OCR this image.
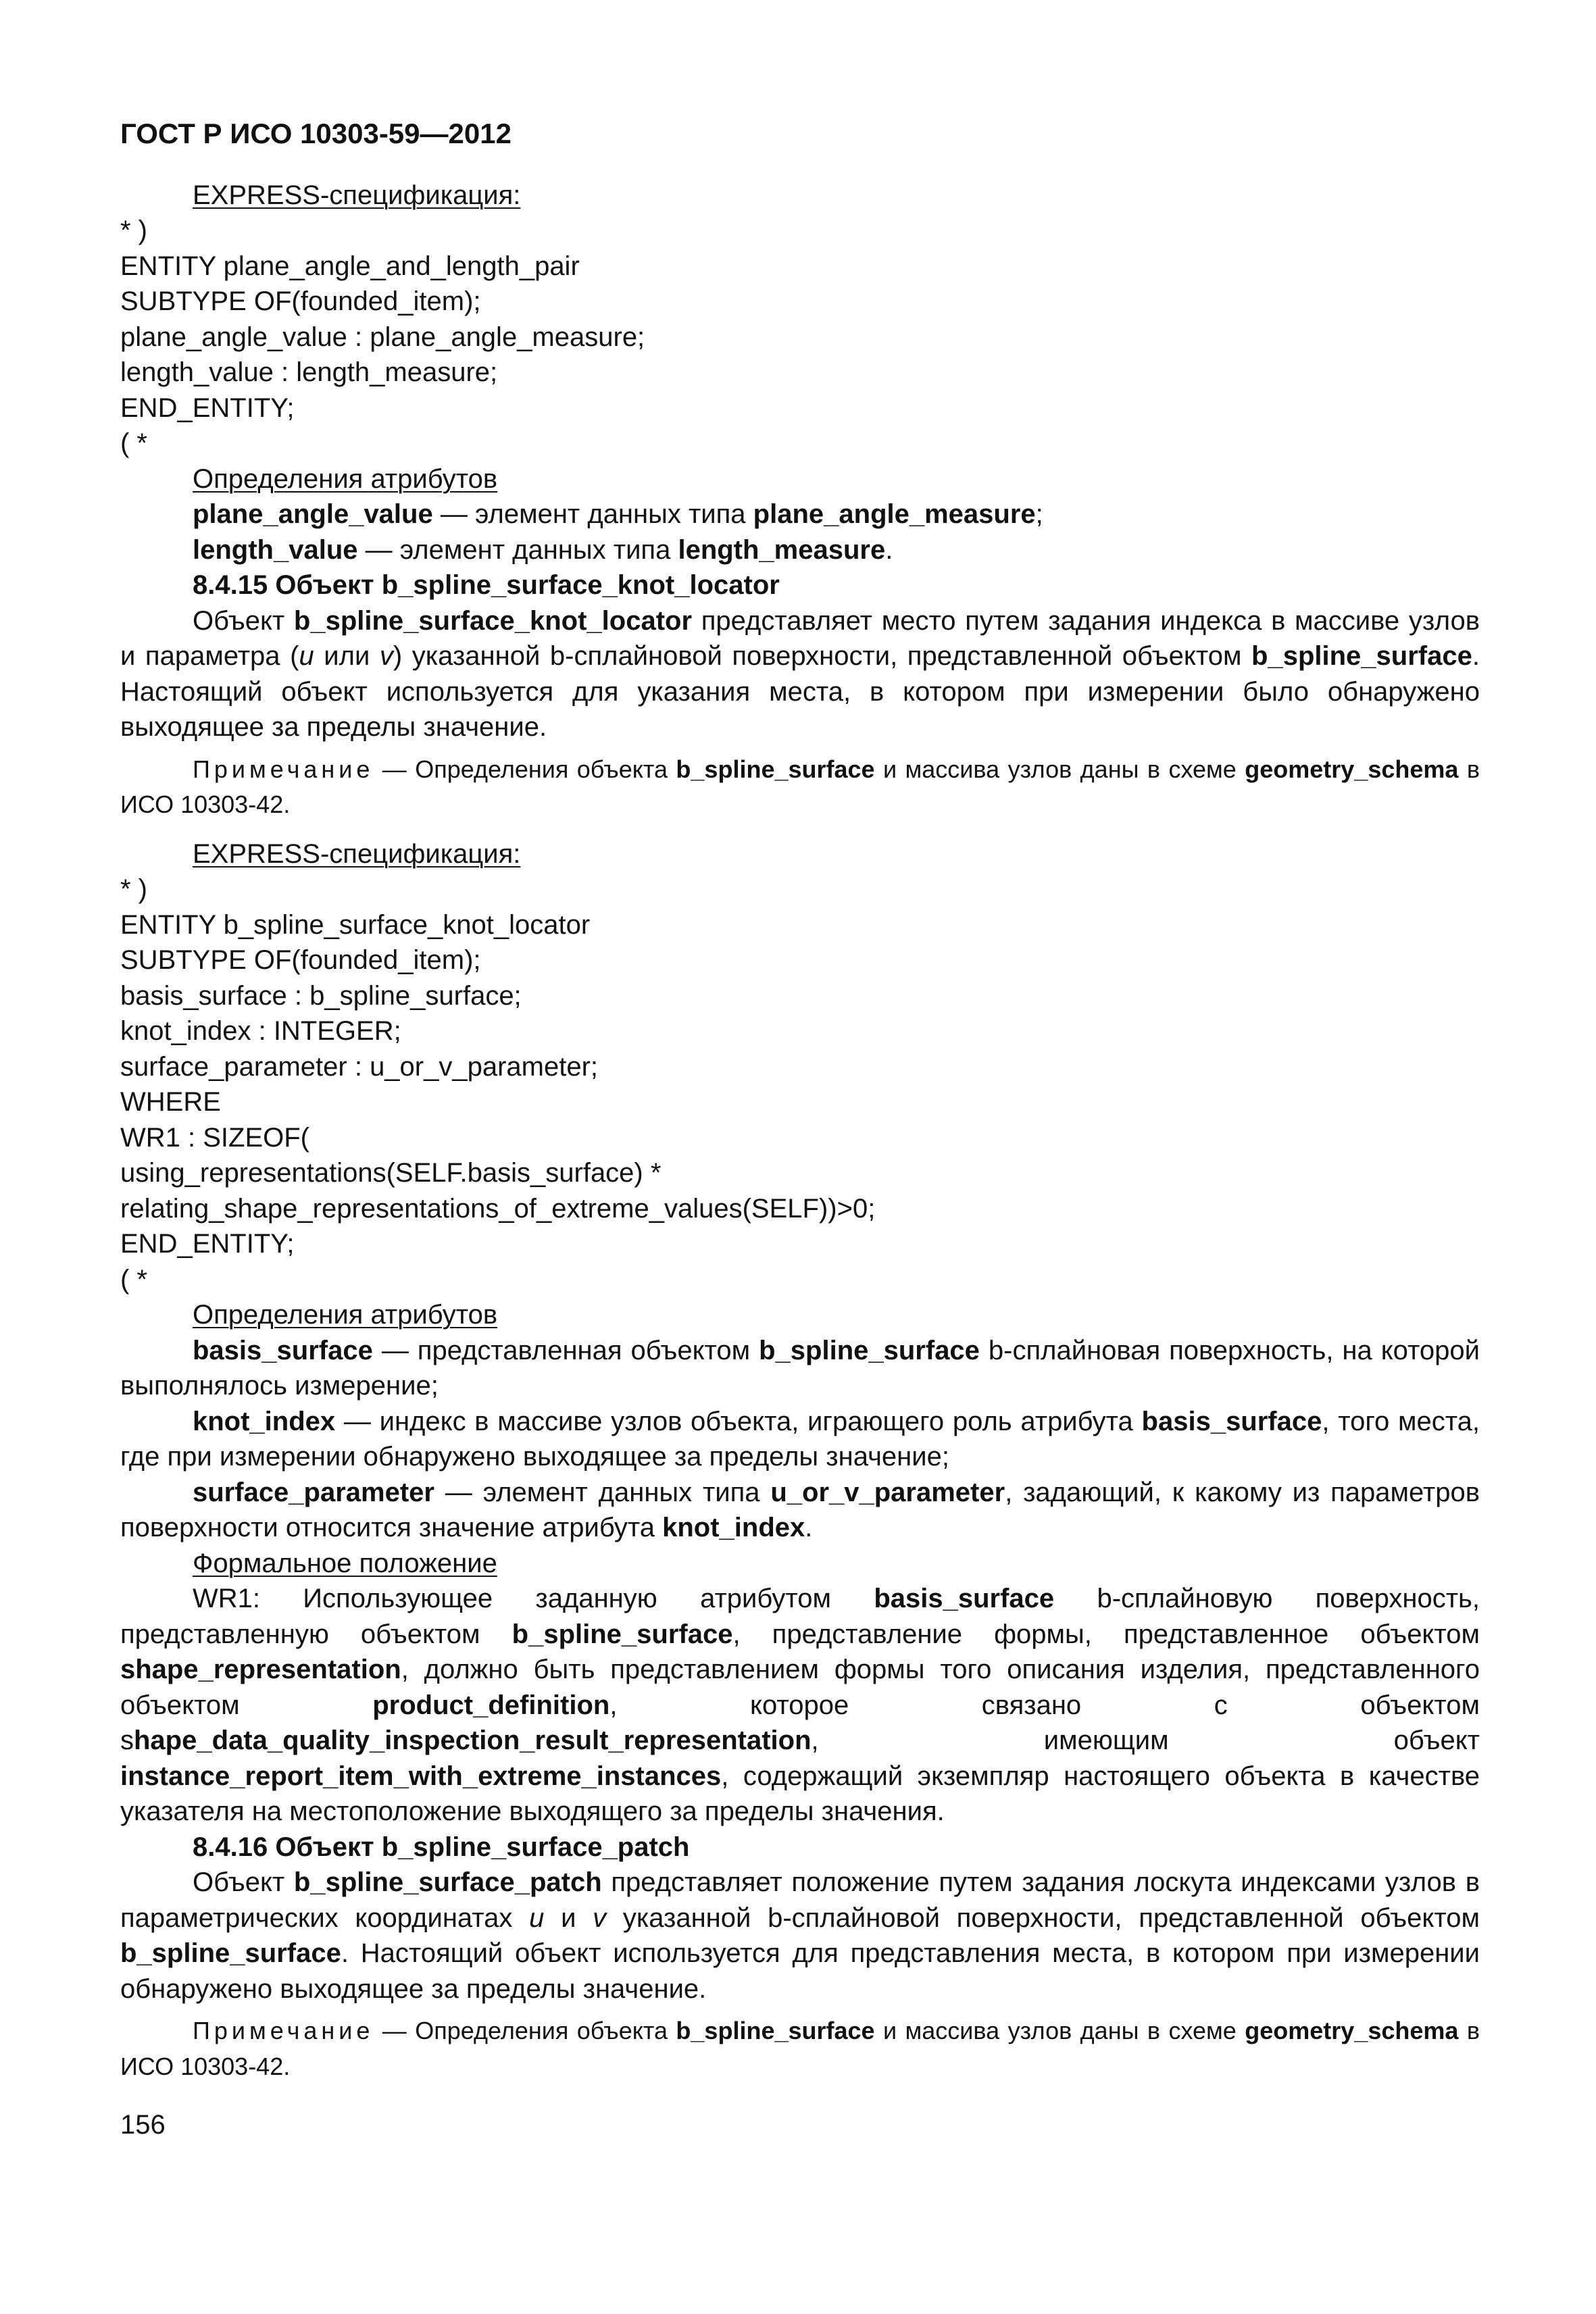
ГОСТ Р ИСО 10303-59—2012

EXPRESS-спецификация:

* )

ENTITY plane_angle_and_length_pair

SUBTYPE OF(founded_item);

plane_angle_value : plane_angle_measure;

length_value : length_measure;

END_ENTITY;

( *

Определения атрибутов

plane_angle_value — элемент данных типа plane_angle_measure;

length_value — элемент данных типа length_measure.

8.4.15 Объект b_spline_surface_knot_locator

Объект b_spline_surface_knot_locator представляет место путем задания индекса в массиве узлов и параметра (u или v) указанной b-сплайновой поверхности, представленной объектом b_spline_surface. Настоящий объект используется для указания места, в котором при измерении было обнаружено выходящее за пределы значение.

Примечание — Определения объекта b_spline_surface и массива узлов даны в схеме geometry_schema в ИСО 10303-42.

EXPRESS-спецификация:

* )

ENTITY b_spline_surface_knot_locator

SUBTYPE OF(founded_item);

basis_surface : b_spline_surface;

knot_index : INTEGER;

surface_parameter : u_or_v_parameter;

WHERE

WR1 : SIZEOF(

using_representations(SELF.basis_surface) *

relating_shape_representations_of_extreme_values(SELF))>0;

END_ENTITY;

( *

Определения атрибутов

basis_surface — представленная объектом b_spline_surface b-сплайновая поверхность, на которой выполнялось измерение;

knot_index — индекс в массиве узлов объекта, играющего роль атрибута basis_surface, того места, где при измерении обнаружено выходящее за пределы значение;

surface_parameter — элемент данных типа u_or_v_parameter, задающий, к какому из параметров поверхности относится значение атрибута knot_index.

Формальное положение

WR1: Использующее заданную атрибутом basis_surface b-сплайновую поверхность, представленную объектом b_spline_surface, представление формы, представленное объектом shape_representation, должно быть представлением формы того описания изделия, представленного объектом product_definition, которое связано с объектом shape_data_quality_inspection_result_representation, имеющим объект instance_report_item_with_extreme_instances, содержащий экземпляр настоящего объекта в качестве указателя на местоположение выходящего за пределы значения.

8.4.16 Объект b_spline_surface_patch

Объект b_spline_surface_patch представляет положение путем задания лоскута индексами узлов в параметрических координатах u и v указанной b-сплайновой поверхности, представленной объектом b_spline_surface. Настоящий объект используется для представления места, в котором при измерении обнаружено выходящее за пределы значение.

Примечание — Определения объекта b_spline_surface и массива узлов даны в схеме geometry_schema в ИСО 10303-42.

156
